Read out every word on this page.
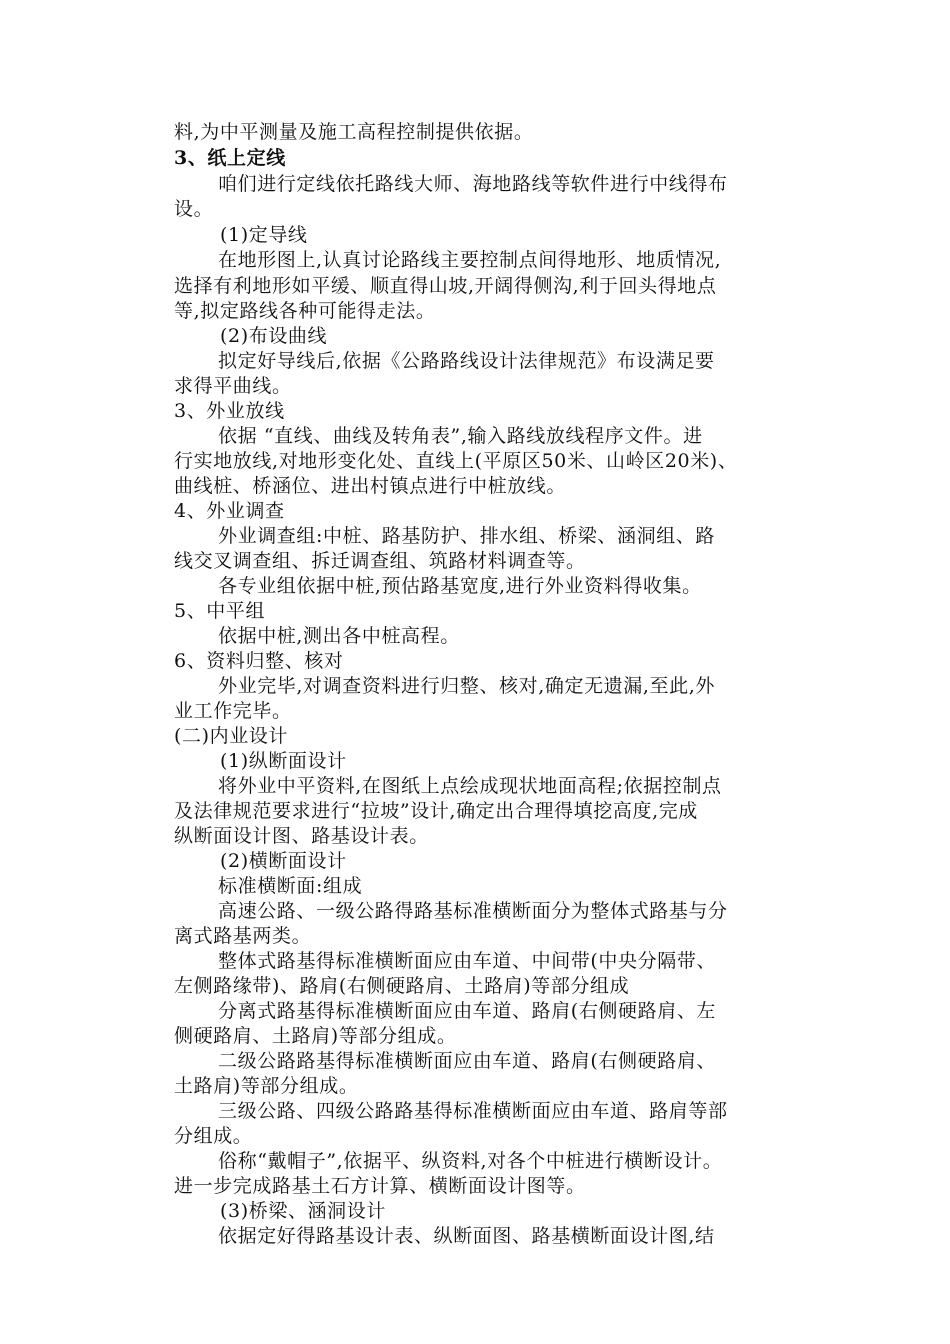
料,为中平测量及施工高程控制提供依据。
3、纸上定线
咱们进行定线依托路线大师、海地路线等软件进行中线得布
设。
(1)定导线
在地形图上,认真讨论路线主要控制点间得地形、地质情况,
选择有利地形如平缓、顺直得山坡,开阔得侧沟,利于回头得地点
等,拟定路线各种可能得走法。
(2)布设曲线
拟定好导线后,依据《公路路线设计法律规范》布设满足要
求得平曲线。
3、外业放线
依据 “直线、曲线及转角表”,输入路线放线程序文件。进
行实地放线,对地形变化处、直线上(平原区50米、山岭区20米)、
曲线桩、桥涵位、进出村镇点进行中桩放线。
4、外业调查
外业调查组:中桩、路基防护、排水组、桥梁、涵洞组、路
线交叉调查组、拆迁调查组、筑路材料调查等。
各专业组依据中桩,预估路基宽度,进行外业资料得收集。
5、中平组
依据中桩,测出各中桩高程。
6、资料归整、核对
外业完毕,对调查资料进行归整、核对,确定无遗漏,至此,外
业工作完毕。
(二)内业设计
(1)纵断面设计
将外业中平资料,在图纸上点绘成现状地面高程;依据控制点
及法律规范要求进行“拉坡”设计,确定出合理得填挖高度,完成
纵断面设计图、路基设计表。
(2)横断面设计
标准横断面:组成
高速公路、一级公路得路基标准横断面分为整体式路基与分
离式路基两类。
整体式路基得标准横断面应由车道、中间带(中央分隔带、
左侧路缘带)、路肩(右侧硬路肩、土路肩)等部分组成
分离式路基得标准横断面应由车道、路肩(右侧硬路肩、左
侧硬路肩、土路肩)等部分组成。
二级公路路基得标准横断面应由车道、路肩(右侧硬路肩、
土路肩)等部分组成。
三级公路、四级公路路基得标准横断面应由车道、路肩等部
分组成。
俗称“戴帽子”,依据平、纵资料,对各个中桩进行横断设计。
进一步完成路基土石方计算、横断面设计图等。
(3)桥梁、涵洞设计
依据定好得路基设计表、纵断面图、路基横断面设计图,结
